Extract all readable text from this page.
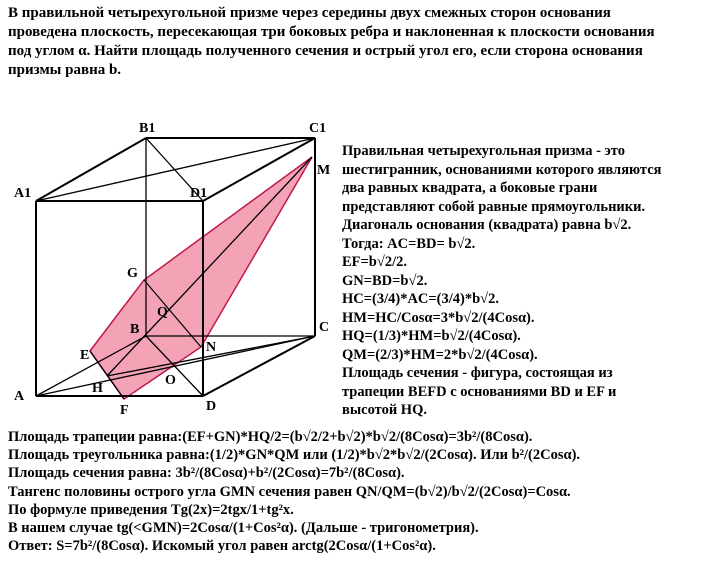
В правильной четырехугольной призме через середины двух смежных сторон основания
проведена плоскость, пересекающая три боковых ребра и наклоненная к плоскости основания
под углом α. Найти площадь полученного сечения и острый угол его, если сторона основания
призмы равна b.
A
B	C
D
A1
B1	C1
D1
E
F
G
H
M
N
O
Q
Правильная четырехугольная призма - это
шестигранник, основаниями которого являются
два равных квадрата, а боковые грани
представляют собой равные прямоугольники.
Диагональ основания (квадрата) равна b√2.
Тогда: AC=BD= b√2.
EF=b√2/2.
GN=BD=b√2.
HC=(3/4)*AC=(3/4)*b√2.
HM=HC/Cosα=3*b√2/(4Cosα).
HQ=(1/3)*HM=b√2/(4Cosα).
QM=(2/3)*HM=2*b√2/(4Cosα).
Площадь сечения - фигура, состоящая из
трапеции BEFD с основаниями BD и EF и
высотой HQ.
Площадь трапеции равна:(EF+GN)*HQ/2=(b√2/2+b√2)*b√2/(8Cosα)=3b²/(8Cosα).
Площадь треугольника равна:(1/2)*GN*QM или (1/2)*b√2*b√2/(2Cosα). Или b²/(2Cosα).
Площадь сечения равна: 3b²/(8Cosα)+b²/(2Cosα)=7b²/(8Cosα).
Тангенс половины острого угла GMN сечения равен QN/QM=(b√2)/b√2/(2Cosα)=Cosα.
По формуле приведения Tg(2x)=2tgx/1+tg²x.
В нашем случае tg(<GMN)=2Cosα/(1+Cos²α). (Дальше - тригонометрия).
Ответ: S=7b²/(8Cosα). Искомый угол равен arctg(2Cosα/(1+Cos²α).
